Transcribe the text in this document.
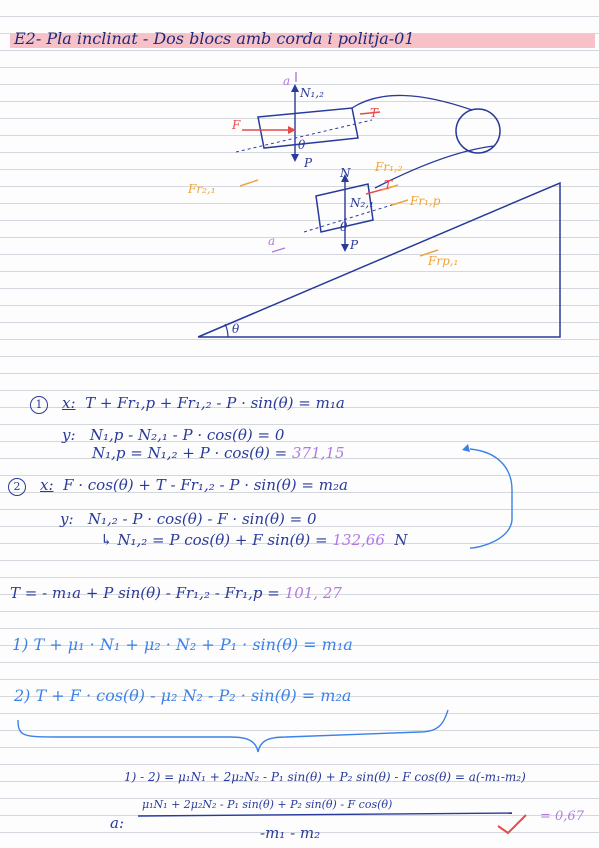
E2- Pla inclinat - Dos blocs amb corda i politja-01
a
N₁,₂
F
T
θ
P
N Fr₁,₂
Fr₂,₁	T
N₂,₁	Fr₁,p
θ
a	P
Frp,₁
θ
1 x: T + Fr₁,p + Fr₁,₂ - P · sin(θ) = m₁a
y: N₁,p - N₂,₁ - P · cos(θ) = 0
N₁,p = N₁,₂ + P · cos(θ) = 371,15
2 x: F · cos(θ) + T - Fr₁,₂ - P · sin(θ) = m₂a
y: N₁,₂ - P · cos(θ) - F · sin(θ) = 0
↳ N₁,₂ = P cos(θ) + F sin(θ) = 132,66 N
T = - m₁a + P sin(θ) - Fr₁,₂ - Fr₁,p = 101, 27
1) T + μ₁ · N₁ + μ₂ · N₂ + P₁ · sin(θ) = m₁a
2) T + F · cos(θ) - μ₂ N₂ - P₂ · sin(θ) = m₂a
1) - 2) = μ₁N₁ + 2μ₂N₂ - P₁ sin(θ) + P₂ sin(θ) - F cos(θ) = a(-m₁-m₂)
a:
μ₁N₁ + 2μ₂N₂ - P₁ sin(θ) + P₂ sin(θ) - F cos(θ)
-m₁ - m₂
= 0,67
